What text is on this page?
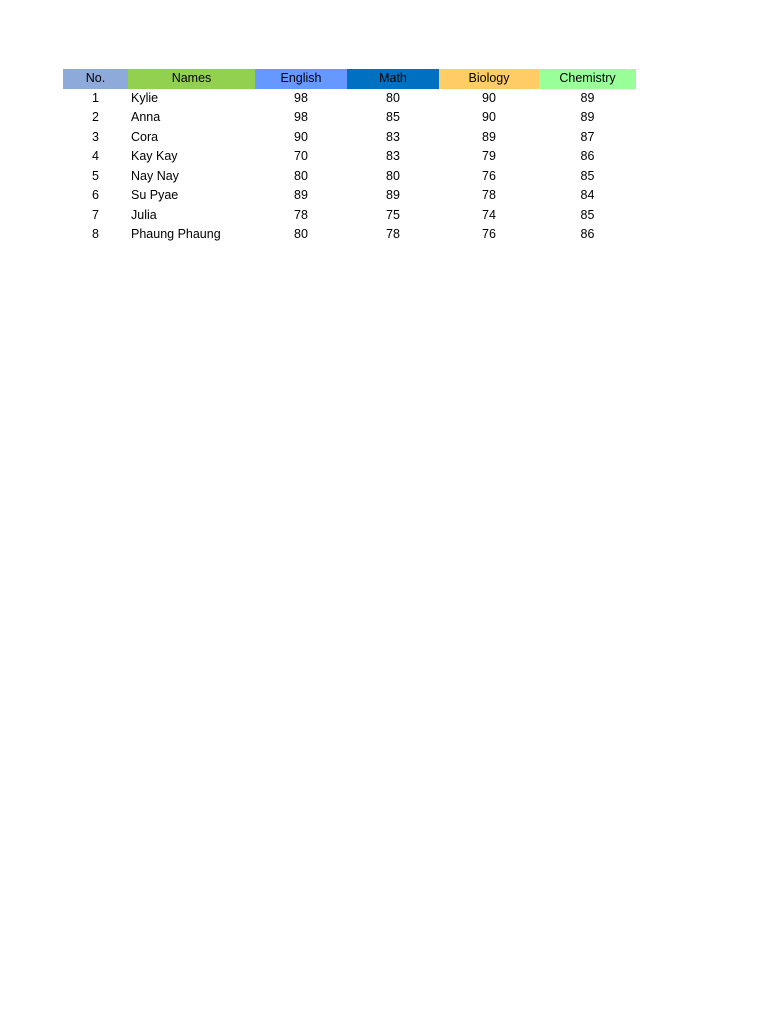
No.	Names	English	Math	Biology	Chemistry
1	Kylie	98	80	90	89
2	Anna	98	85	90	89
3	Cora	90	83	89	87
4	Kay Kay	70	83	79	86
5	Nay Nay	80	80	76	85
6	Su Pyae	89	89	78	84
7	Julia	78	75	74	85
8	Phaung Phaung	80	78	76	86
